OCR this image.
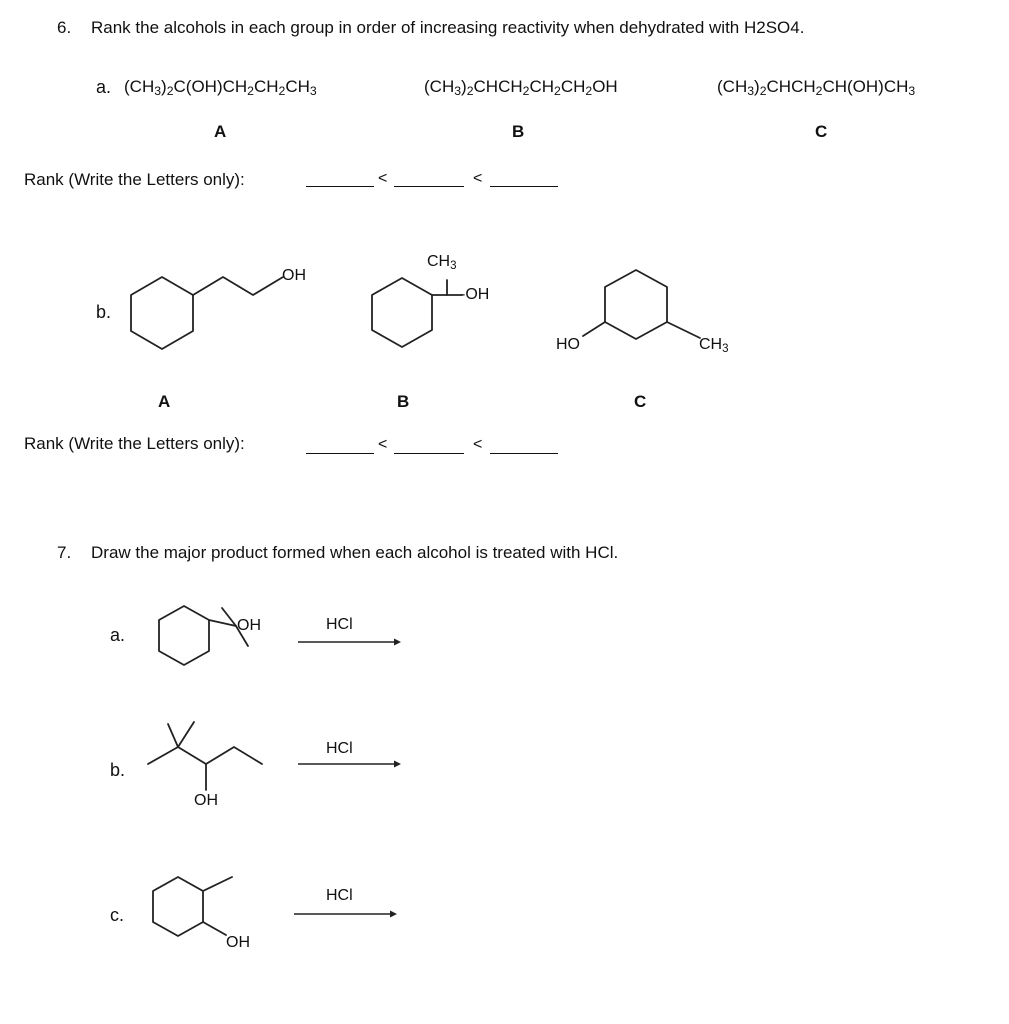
6. Rank the alcohols in each group in order of increasing reactivity when dehydrated with H2SO4.
a. $(CH_3)_2C(OH)CH_2CH_2CH_3$	$(CH_3)_2CHCH_2CH_2CH_2OH$	$(CH_3)_2CHCH_2CH(OH)CH_3$
A	B	C
Rank (Write the Letters only):	<	<
b.
OH
$CH_3$
-OH
HO	$CH_3$
A	B	C
Rank (Write the Letters only):	<	<
7. Draw the major product formed when each alcohol is treated with HCl.
a.	OH	HCl
b.
OH
HCl
c.
OH
HCl
